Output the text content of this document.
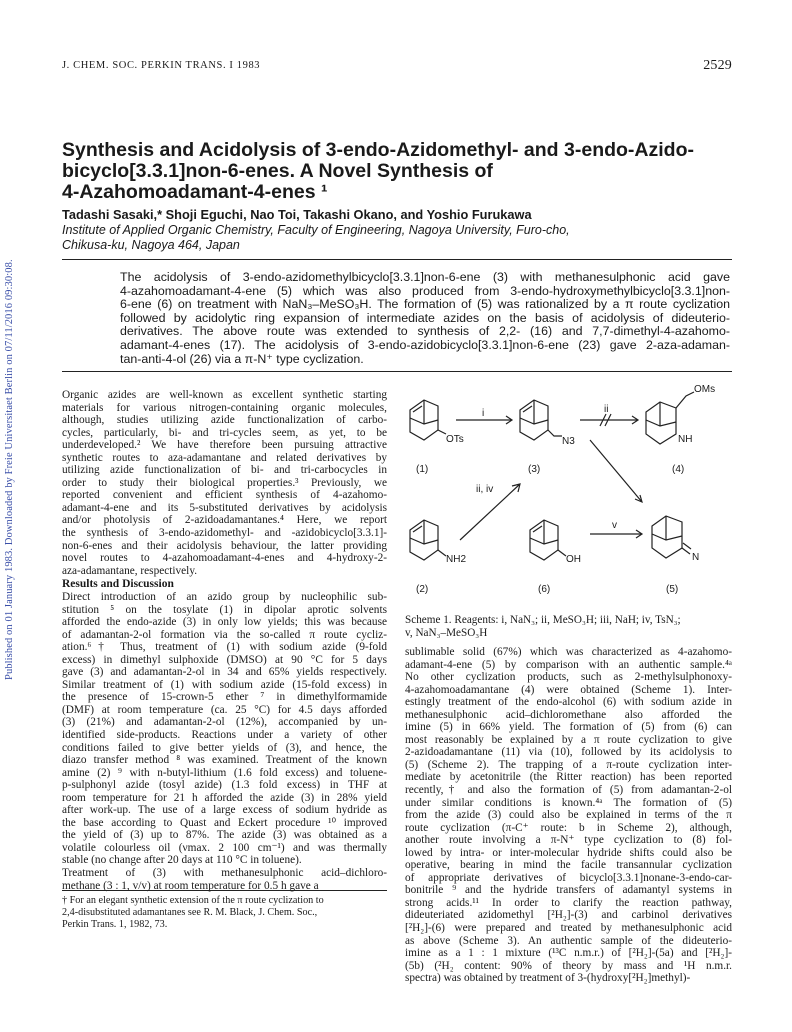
Published on 01 January 1983. Downloaded by Freie Universitaet Berlin on 07/11/2016 09:30:08.
J. CHEM. SOC. PERKIN TRANS. I 1983	2529
Synthesis and Acidolysis of 3-endo-Azidomethyl- and 3-endo-Azido-
bicyclo[3.3.1]non-6-enes. A Novel Synthesis of
4-Azahomoadamant-4-enes ¹
Tadashi Sasaki,* Shoji Eguchi, Nao Toi, Takashi Okano, and Yoshio Furukawa
Institute of Applied Organic Chemistry, Faculty of Engineering, Nagoya University, Furo-cho,
Chikusa-ku, Nagoya 464, Japan
The acidolysis of 3-endo-azidomethylbicyclo[3.3.1]non-6-ene (3) with methanesulphonic acid gave
4-azahomoadamant-4-ene (5) which was also produced from 3-endo-hydroxymethylbicyclo[3.3.1]non-
6-ene (6) on treatment with NaN₃–MeSO₃H. The formation of (5) was rationalized by a π route cyclization
followed by acidolytic ring expansion of intermediate azides on the basis of acidolysis of dideuterio-
derivatives. The above route was extended to synthesis of 2,2- (16) and 7,7-dimethyl-4-azahomo-
adamant-4-enes (17). The acidolysis of 3-endo-azidobicyclo[3.3.1]non-6-ene (23) gave 2-aza-adaman-
tan-anti-4-ol (26) via a π-N⁺ type cyclization.
Organic azides are well-known as excellent synthetic starting
materials for various nitrogen-containing organic molecules,
although, studies utilizing azide functionalization of carbo-
cycles, particularly, bi- and tri-cycles seem, as yet, to be
underdeveloped.² We have therefore been pursuing attractive
synthetic routes to aza-adamantane and related derivatives by
utilizing azide functionalization of bi- and tri-carbocycles in
order to study their biological properties.³ Previously, we
reported convenient and efficient synthesis of 4-azahomo-
adamant-4-ene and its 5-substituted derivatives by acidolysis
and/or photolysis of 2-azidoadamantanes.⁴ Here, we report
the synthesis of 3-endo-azidomethyl- and -azidobicyclo[3.3.1]-
non-6-enes and their acidolysis behaviour, the latter providing
novel routes to 4-azahomoadamant-4-enes and 4-hydroxy-2-
aza-adamantane, respectively.
Results and Discussion
Direct introduction of an azido group by nucleophilic sub-
stitution ⁵ on the tosylate (1) in dipolar aprotic solvents
afforded the endo-azide (3) in only low yields; this was because
of adamantan-2-ol formation via the so-called π route cycliz-
ation.⁶† Thus, treatment of (1) with sodium azide (9-fold
excess) in dimethyl sulphoxide (DMSO) at 90 °C for 5 days
gave (3) and adamantan-2-ol in 34 and 65% yields respectively.
Similar treatment of (1) with sodium azide (15-fold excess) in
the presence of 15-crown-5 ether ⁷ in dimethylformamide
(DMF) at room temperature (ca. 25 °C) for 4.5 days afforded
(3) (21%) and adamantan-2-ol (12%), accompanied by un-
identified side-products. Reactions under a variety of other
conditions failed to give better yields of (3), and hence, the
diazo transfer method ⁸ was examined. Treatment of the known
amine (2) ⁹ with n-butyl-lithium (1.6 fold excess) and toluene-
p-sulphonyl azide (tosyl azide) (1.3 fold excess) in THF at
room temperature for 21 h afforded the azide (3) in 28% yield
after work-up. The use of a large excess of sodium hydride as
the base according to Quast and Eckert procedure ¹⁰ improved
the yield of (3) up to 87%. The azide (3) was obtained as a
volatile colourless oil (νmax. 2 100 cm⁻¹) and was thermally
stable (no change after 20 days at 110 °C in toluene).
Treatment of (3) with methanesulphonic acid–dichloro-
methane (3 : 1, v/v) at room temperature for 0.5 h gave a
† For an elegant synthetic extension of the π route cyclization to
2,4-disubstituted adamantanes see R. M. Black, J. Chem. Soc.,
Perkin Trans. 1, 1982, 73.
OTs	N3	NH
OMs
NH2	OH	N
i	ii
ii, iv
v
(1)	(3)	(4)
(2)	(6)	(5)
Scheme 1. Reagents: i, NaN₃; ii, MeSO₃H; iii, NaH; iv, TsN₃;
v, NaN₃–MeSO₃H
sublimable solid (67%) which was characterized as 4-azahomo-
adamant-4-ene (5) by comparison with an authentic sample.⁴ᵃ
No other cyclization products, such as 2-methylsulphonoxy-
4-azahomoadamantane (4) were obtained (Scheme 1). Inter-
estingly treatment of the endo-alcohol (6) with sodium azide in
methanesulphonic acid–dichloromethane also afforded the
imine (5) in 66% yield. The formation of (5) from (6) can
most reasonably be explained by a π route cyclization to give
2-azidoadamantane (11) via (10), followed by its acidolysis to
(5) (Scheme 2). The trapping of a π-route cyclization inter-
mediate by acetonitrile (the Ritter reaction) has been reported
recently,† and also the formation of (5) from adamantan-2-ol
under similar conditions is known.⁴ᵃ The formation of (5)
from the azide (3) could also be explained in terms of the π
route cyclization (π-C⁺ route: b in Scheme 2), although,
another route involving a π-N⁺ type cyclization to (8) fol-
lowed by intra- or inter-molecular hydride shifts could also be
operative, bearing in mind the facile transannular cyclization
of appropriate derivatives of bicyclo[3.3.1]nonane-3-endo-car-
bonitrile ⁹ and the hydride transfers of adamantyl systems in
strong acids.¹¹ In order to clarify the reaction pathway,
dideuteriated azidomethyl [²H₂]-(3) and carbinol derivatives
[²H₂]-(6) were prepared and treated by methanesulphonic acid
as above (Scheme 3). An authentic sample of the dideuterio-
imine as a 1 : 1 mixture (¹³C n.m.r.) of [²H₂]-(5a) and [²H₂]-
(5b) (²H₂ content: 90% of theory by mass and ¹H n.m.r.
spectra) was obtained by treatment of 3-(hydroxy[²H₂]methyl)-
